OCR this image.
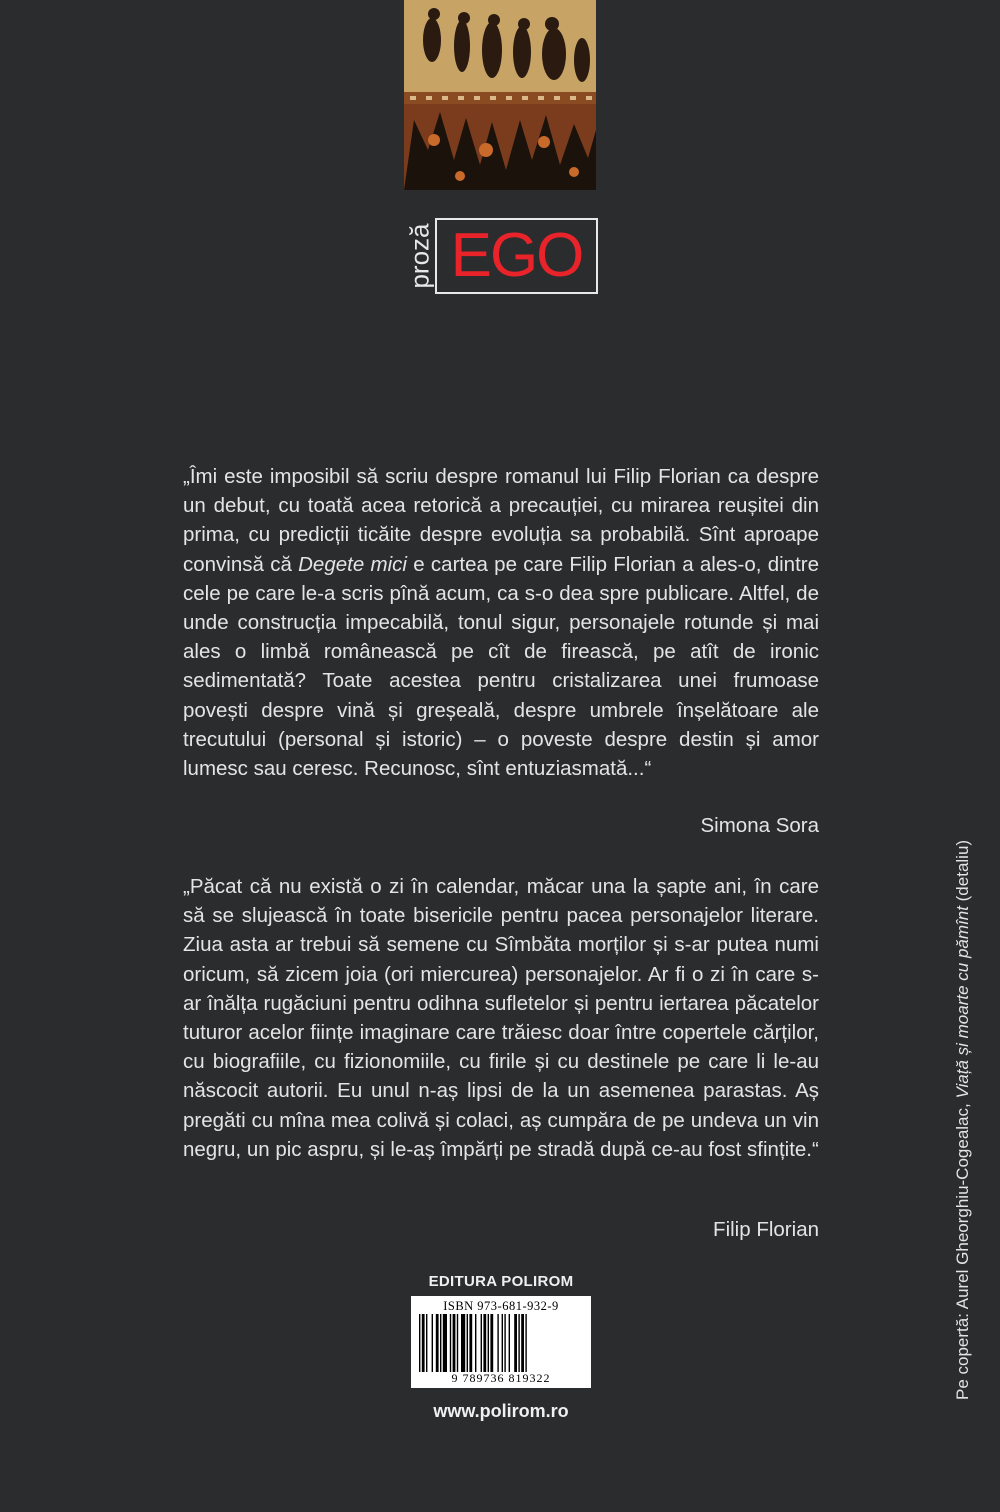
proză EGO

„Îmi este imposibil să scriu despre romanul lui Filip Florian ca despre un debut, cu toată acea retorică a precauției, cu mirarea reușitei din prima, cu predicții ticăite despre evoluția sa probabilă. Sînt aproape convinsă că Degete mici e cartea pe care Filip Florian a ales-o, dintre cele pe care le-a scris pînă acum, ca s-o dea spre publicare. Altfel, de unde construcția impecabilă, tonul sigur, personajele rotunde și mai ales o limbă românească pe cît de firească, pe atît de ironic sedimentată? Toate acestea pentru cristalizarea unei frumoase povești despre vină și greșeală, despre umbrele înșelătoare ale trecutului (personal și istoric) – o poveste despre destin și amor lumesc sau ceresc. Recunosc, sînt entuziasmată...“

Simona Sora

„Păcat că nu există o zi în calendar, măcar una la șapte ani, în care să se slujească în toate bisericile pentru pacea personajelor literare. Ziua asta ar trebui să semene cu Sîmbăta morților și s-ar putea numi oricum, să zicem joia (ori miercurea) personajelor. Ar fi o zi în care s-ar înălța rugăciuni pentru odihna sufletelor și pentru iertarea păcatelor tuturor acelor ființe imaginare care trăiesc doar între copertele cărților, cu biografiile, cu fizionomiile, cu firile și cu destinele pe care li le-au născocit autorii. Eu unul n-aș lipsi de la un asemenea parastas. Aș pregăti cu mîna mea colivă și colaci, aș cumpăra de pe undeva un vin negru, un pic aspru, și le-aș împărți pe stradă după ce-au fost sfințite.“

Filip Florian
EDITURA POLIROM
ISBN 973-681-932-9
9 789736 819322
www.polirom.ro
Pe copertă: Aurel Gheorghiu-Cogealac, Viață și moarte cu pămînt (detaliu)
